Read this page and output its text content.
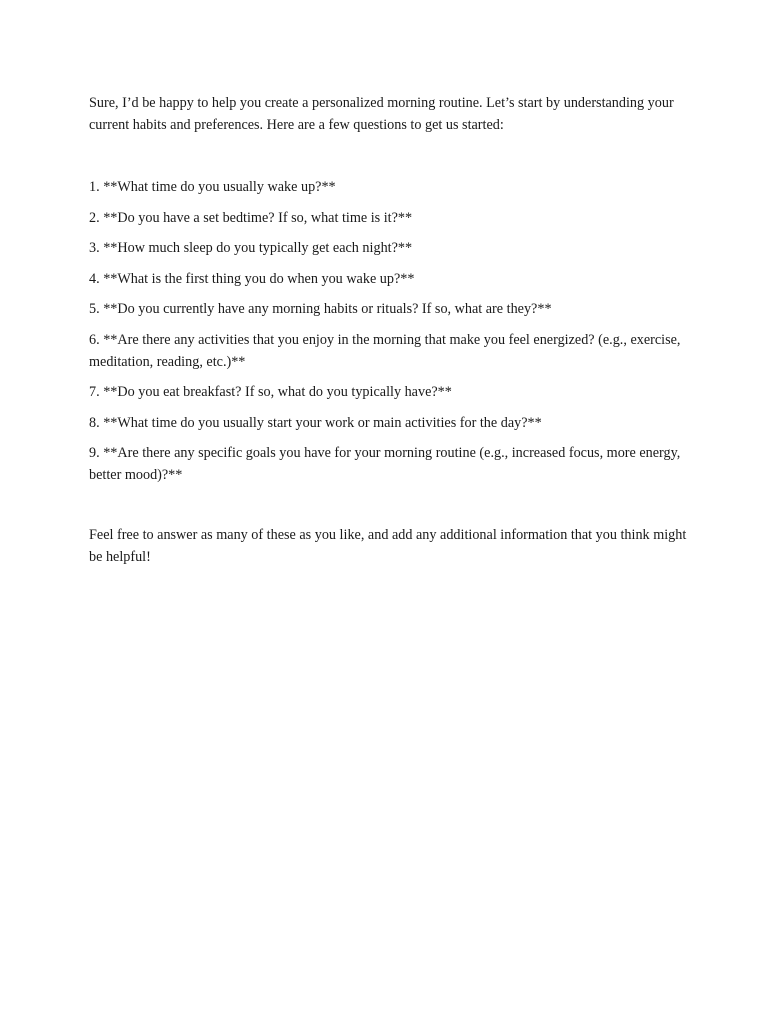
Sure, I’d be happy to help you create a personalized morning routine. Let’s start by understanding your current habits and preferences. Here are a few questions to get us started:

1. **What time do you usually wake up?**
2. **Do you have a set bedtime? If so, what time is it?**
3. **How much sleep do you typically get each night?**
4. **What is the first thing you do when you wake up?**
5. **Do you currently have any morning habits or rituals? If so, what are they?**
6. **Are there any activities that you enjoy in the morning that make you feel energized? (e.g., exercise, meditation, reading, etc.)**
7. **Do you eat breakfast? If so, what do you typically have?**
8. **What time do you usually start your work or main activities for the day?**
9. **Are there any specific goals you have for your morning routine (e.g., increased focus, more energy, better mood)?**

Feel free to answer as many of these as you like, and add any additional information that you think might be helpful!
